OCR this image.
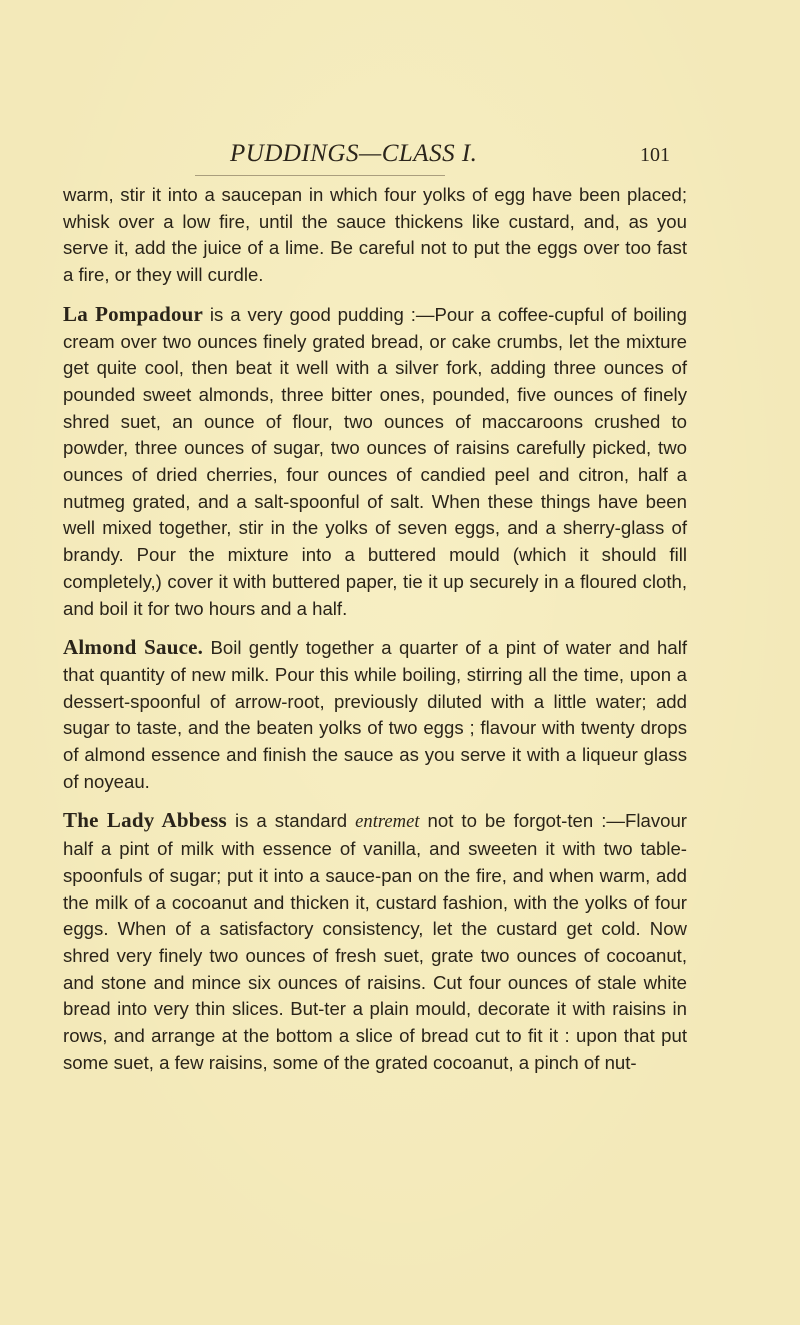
PUDDINGS—CLASS I.	101

warm, stir it into a saucepan in which four yolks of egg have been placed; whisk over a low fire, until the sauce thickens like custard, and, as you serve it, add the juice of a lime. Be careful not to put the eggs over too fast a fire, or they will curdle.

La Pompadour is a very good pudding :—Pour a coffee-cupful of boiling cream over two ounces finely grated bread, or cake crumbs, let the mixture get quite cool, then beat it well with a silver fork, adding three ounces of pounded sweet almonds, three bitter ones, pounded, five ounces of finely shred suet, an ounce of flour, two ounces of maccaroons crushed to powder, three ounces of sugar, two ounces of raisins carefully picked, two ounces of dried cherries, four ounces of candied peel and citron, half a nutmeg grated, and a salt-spoonful of salt. When these things have been well mixed together, stir in the yolks of seven eggs, and a sherry-glass of brandy. Pour the mixture into a buttered mould (which it should fill completely,) cover it with buttered paper, tie it up securely in a floured cloth, and boil it for two hours and a half.

Almond Sauce. Boil gently together a quarter of a pint of water and half that quantity of new milk. Pour this while boiling, stirring all the time, upon a dessert-spoonful of arrow-root, previously diluted with a little water; add sugar to taste, and the beaten yolks of two eggs ; flavour with twenty drops of almond essence and finish the sauce as you serve it with a liqueur glass of noyeau.

The Lady Abbess is a standard entremet not to be forgot-ten :—Flavour half a pint of milk with essence of vanilla, and sweeten it with two table-spoonfuls of sugar; put it into a sauce-pan on the fire, and when warm, add the milk of a cocoanut and thicken it, custard fashion, with the yolks of four eggs. When of a satisfactory consistency, let the custard get cold. Now shred very finely two ounces of fresh suet, grate two ounces of cocoanut, and stone and mince six ounces of raisins. Cut four ounces of stale white bread into very thin slices. But-ter a plain mould, decorate it with raisins in rows, and arrange at the bottom a slice of bread cut to fit it : upon that put some suet, a few raisins, some of the grated cocoanut, a pinch of nut-
